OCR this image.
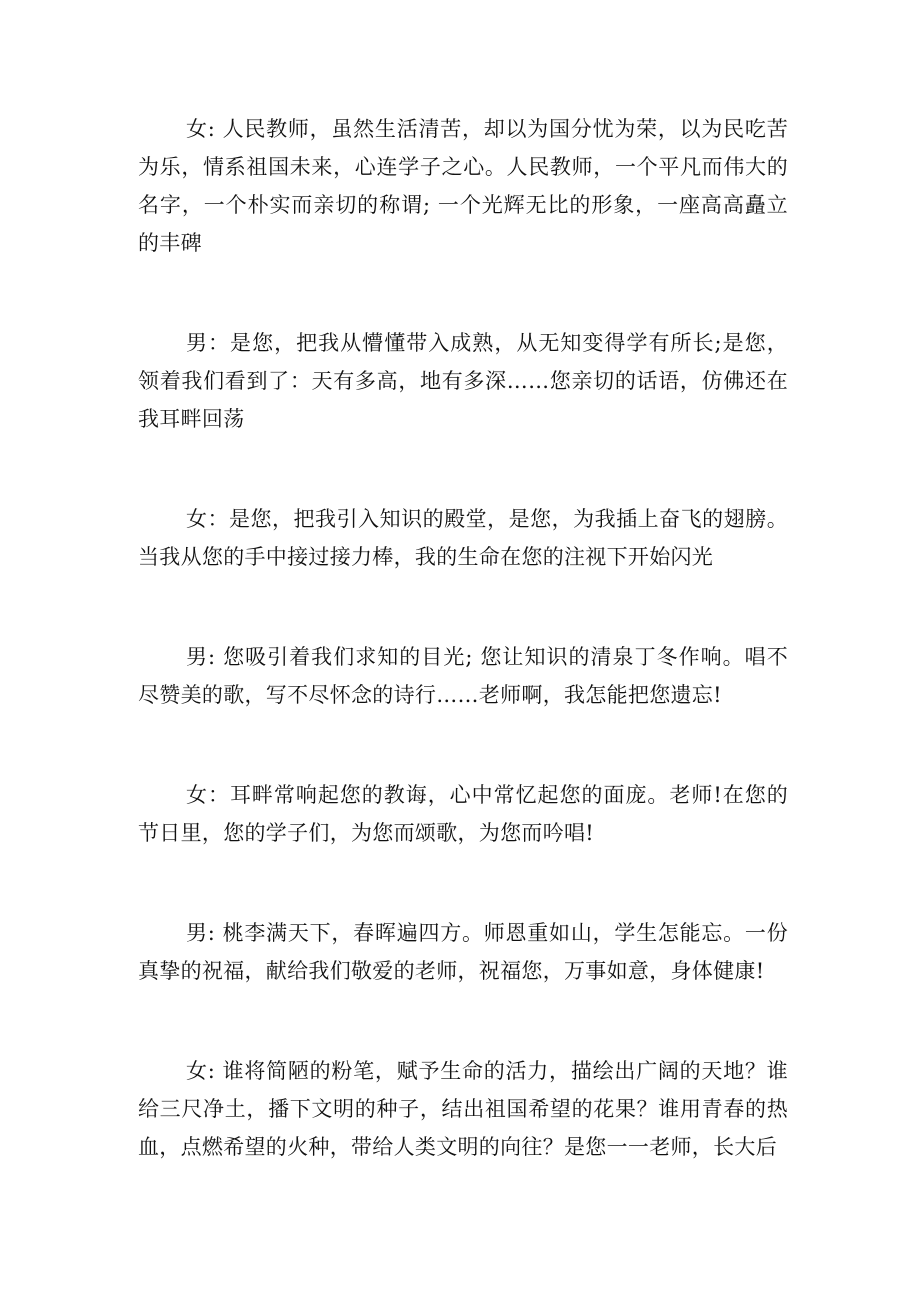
女: 人民教师，虽然生活清苦，却以为国分忧为荣，以为民吃苦为乐，情系祖国未来，心连学子之心。人民教师，一个平凡而伟大的名字，一个朴实而亲切的称谓; 一个光辉无比的形象，一座高高矗立的丰碑

男：是您，把我从懵懂带入成熟，从无知变得学有所长;是您，领着我们看到了：天有多高，地有多深……您亲切的话语，仿佛还在我耳畔回荡

女：是您，把我引入知识的殿堂，是您，为我插上奋飞的翅膀。当我从您的手中接过接力棒，我的生命在您的注视下开始闪光

男: 您吸引着我们求知的目光; 您让知识的清泉丁冬作响。唱不尽赞美的歌，写不尽怀念的诗行……老师啊，我怎能把您遗忘!

女：耳畔常响起您的教诲，心中常忆起您的面庞。老师!在您的节日里，您的学子们，为您而颂歌，为您而吟唱!

男: 桃李满天下，春晖遍四方。师恩重如山，学生怎能忘。一份真挚的祝福，献给我们敬爱的老师，祝福您，万事如意，身体健康!

女: 谁将简陋的粉笔，赋予生命的活力，描绘出广阔的天地？谁给三尺净土，播下文明的种子，结出祖国希望的花果？谁用青春的热血，点燃希望的火种，带给人类文明的向往？是您一一老师，长大后
